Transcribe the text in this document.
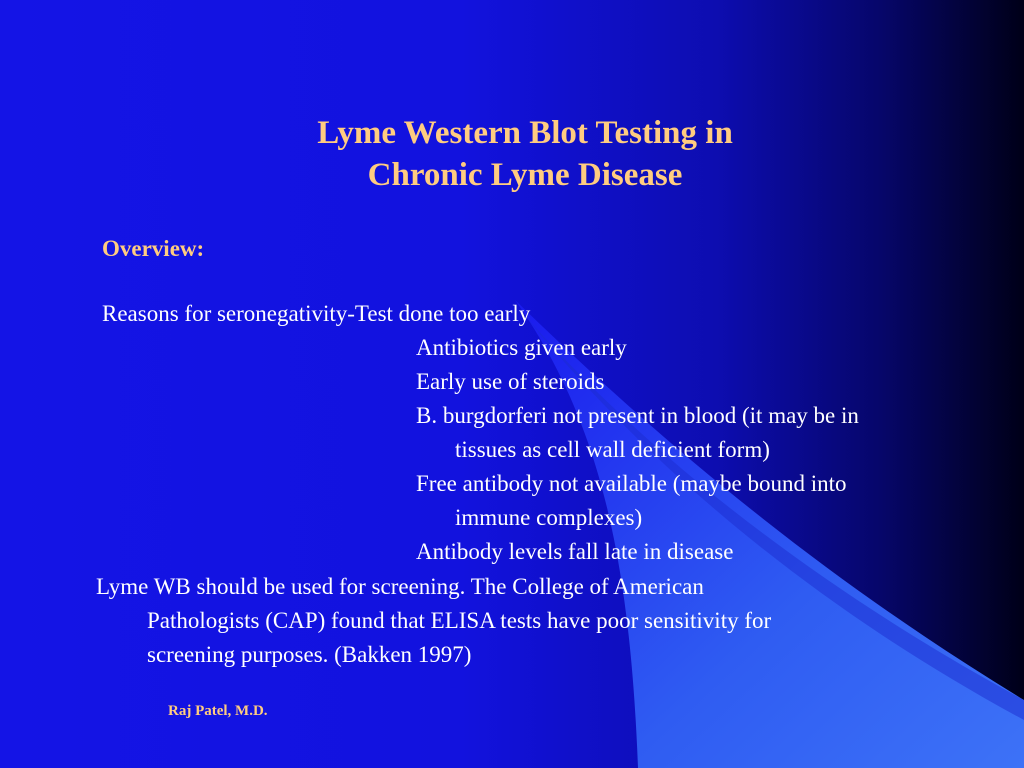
Lyme Western Blot Testing in
Chronic Lyme Disease
Overview:
Reasons for seronegativity-Test done too early
Antibiotics given early
Early use of steroids
B. burgdorferi not present in blood (it may be in
tissues as cell wall deficient form)
Free antibody not available (maybe bound into
immune complexes)
Antibody levels fall late in disease
Lyme WB should be used for screening. The College of American
Pathologists (CAP) found that ELISA tests have poor sensitivity for
screening purposes. (Bakken 1997)
Raj Patel, M.D.
